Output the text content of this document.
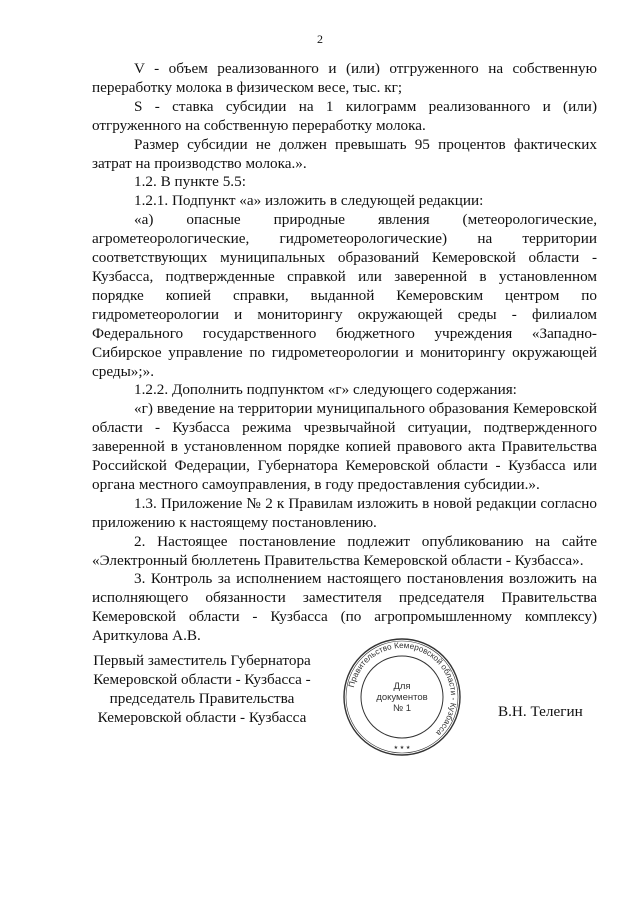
2

V - объем реализованного и (или) отгруженного на собственную переработку молока в физическом весе, тыс. кг;

S - ставка субсидии на 1 килограмм реализованного и (или) отгруженного на собственную переработку молока.

Размер субсидии не должен превышать 95 процентов фактических затрат на производство молока.».

1.2. В пункте 5.5:

1.2.1. Подпункт «а» изложить в следующей редакции:

«а) опасные природные явления (метеорологические, агрометеорологические, гидрометеорологические) на территории соответствующих муниципальных образований Кемеровской области - Кузбасса, подтвержденные справкой или заверенной в установленном порядке копией справки, выданной Кемеровским центром по гидрометеорологии и мониторингу окружающей среды - филиалом Федерального государственного бюджетного учреждения «Западно-Сибирское управление по гидрометеорологии и мониторингу окружающей среды»;».

1.2.2. Дополнить подпунктом «г» следующего содержания:

«г) введение на территории муниципального образования Кемеровской области - Кузбасса режима чрезвычайной ситуации, подтвержденного заверенной в установленном порядке копией правового акта Правительства Российской Федерации, Губернатора Кемеровской области - Кузбасса или органа местного самоуправления, в году предоставления субсидии.».

1.3. Приложение № 2 к Правилам изложить в новой редакции согласно приложению к настоящему постановлению.

2. Настоящее постановление подлежит опубликованию на сайте «Электронный бюллетень Правительства Кемеровской области - Кузбасса».

3. Контроль за исполнением настоящего постановления возложить на исполняющего обязанности заместителя председателя Правительства Кемеровской области - Кузбасса (по агропромышленному комплексу) Ариткулова А.В.

Первый заместитель Губернатора
Кемеровской области - Кузбасса -
председатель Правительства
Кемеровской области - Кузбасса
Правительство Кемеровской области - Кузбасса
Для
документов
№ 1
★ ★ ★
В.Н. Телегин
